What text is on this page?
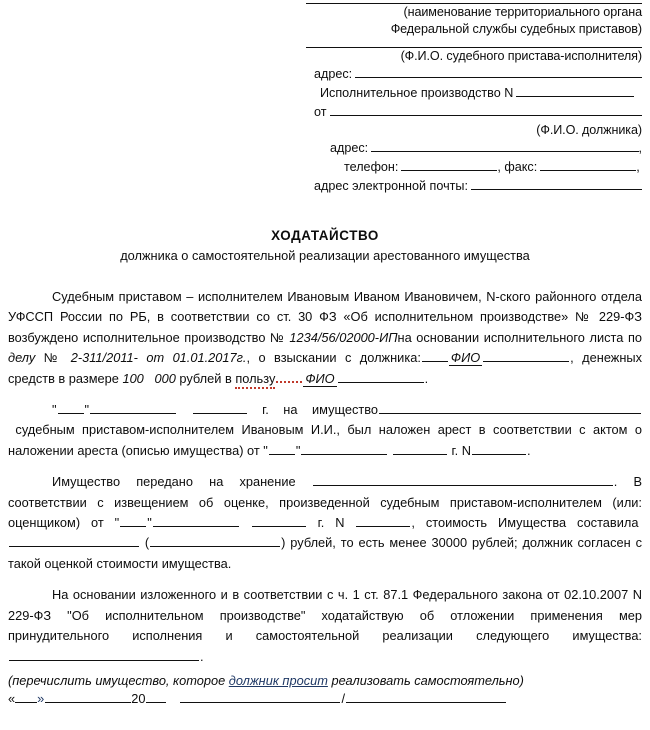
(наименование территориального органа
Федеральной службы судебных приставов)
(Ф.И.О. судебного пристава-исполнителя)
адрес:
Исполнительное производство N
от
(Ф.И.О. должника)
адрес:	,
телефон:	, факс:	,
адрес электронной почты:
ХОДАТАЙСТВО
должника о самостоятельной реализации арестованного имущества

Судебным приставом – исполнителем Ивановым Иваном Ивановичем, N-ского районного отдела УФССП России по РБ, в соответствии со ст. 30 ФЗ «Об исполнительном производстве» № 229-ФЗ возбуждено исполнительное производство № 1234/56/02000-ИПна основании исполнительного листа по делу № 2-311/2011- от 01.01.2017г., о взыскании с должника: ФИО	, денежных средств в размере 100 000 рублей в пользу ФИО	.

" "	г. на имущество судебным приставом-исполнителем Ивановым И.И., был наложен арест в соответствии с актом о наложении ареста (описью имущества) от " "	г. N	.

Имущество передано на хранение	. В соответствии с извещением об оценке, произведенной судебным приставом-исполнителем (или: оценщиком) от " "	г. N	, стоимость Имущества составила  (	) рублей, то есть менее 30000 рублей; должник согласен с такой оценкой стоимости имущества.

На основании изложенного и в соответствии с ч. 1 ст. 87.1 Федерального закона от 02.10.2007 N 229-ФЗ "Об исполнительном производстве" ходатайствую об отложении применения мер принудительного исполнения и самостоятельной реализации следующего имущества:.

(перечислить имущество, которое должник просит реализовать самостоятельно)
« »	20	/
